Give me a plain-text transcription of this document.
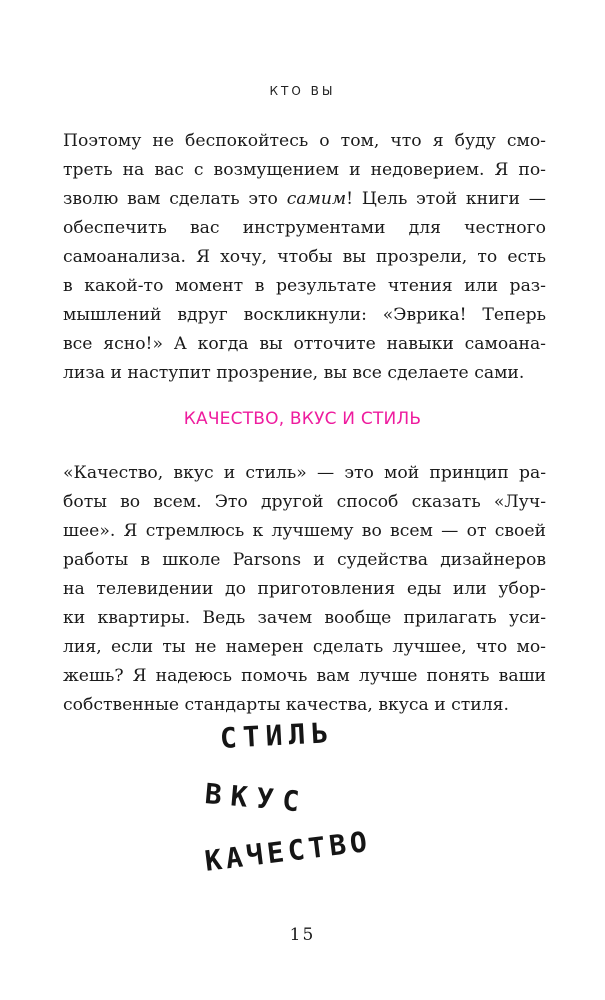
КТО ВЫ
Поэтому не беспокойтесь о том, что я буду смо-
треть на вас с возмущением и недоверием. Я по-
зволю вам сделать это самим! Цель этой книги —
обеспечить вас инструментами для честного
самоанализа. Я хочу, чтобы вы прозрели, то есть
в какой-то момент в результате чтения или раз-
мышлений вдруг воскликнули: «Эврика! Теперь
все ясно!» А когда вы отточите навыки самоана-
лиза и наступит прозрение, вы все сделаете сами.
КАЧЕСТВО, ВКУС И СТИЛЬ
«Качество, вкус и стиль» — это мой принцип ра-
боты во всем. Это другой способ сказать «Луч-
шее». Я стремлюсь к лучшему во всем — от своей
работы в школе Parsons и судейства дизайнеров
на телевидении до приготовления еды или убор-
ки квартиры. Ведь зачем вообще прилагать уси-
лия, если ты не намерен сделать лучшее, что мо-
жешь? Я надеюсь помочь вам лучше понять ваши
собственные стандарты качества, вкуса и стиля.
СТИЛЬ
ВКУС
КАЧЕСТВО
15
